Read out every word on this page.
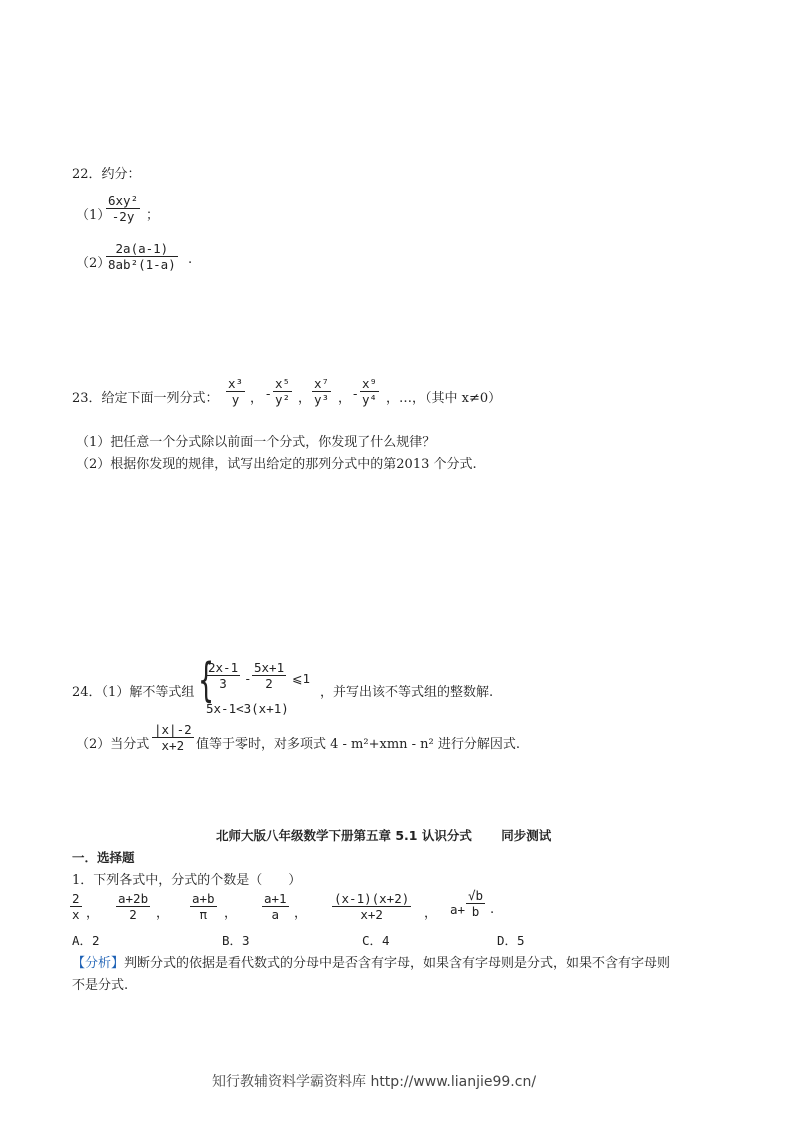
22．约分：
（1）
6xy²
-2y ；
（2）
2a(a-1)
8ab²(1-a) .
23．给定下面一列分式：
x³
y ， -
x⁵
y² ，
x⁷
y³ ， -
x⁹
y⁴ ，…，（其中 x≠0）
（1）把任意一个分式除以前面一个分式，你发现了什么规律？
（2）根据你发现的规律，试写出给定的那列分式中的第2013 个分式.
24．（1）解不等式组 {
2x-1
3	-
5x+1
2	⩽1
5x-1<3(x+1)
，并写出该不等式组的整数解.
（2）当分式
|x|-2
x+2 值等于零时，对多项式 4 - m²+xmn - n² 进行分解因式.
北师大版八年级数学下册第五章 5.1 认识分式　　 同步测试
一．选择题
1．下列各式中，分式的个数是（　　）
2
x ，
a+2b
2	，
a+b
π	，
a+1
a	，
(x-1)(x+2)
x+2	， a+
√b
b .
A．2	B．3	C．4	D．5
【分析】判断分式的依据是看代数式的分母中是否含有字母，如果含有字母则是分式，如果不含有字母则
不是分式.
知行教辅资料学霸资料库 http://www.lianjie99.cn/
